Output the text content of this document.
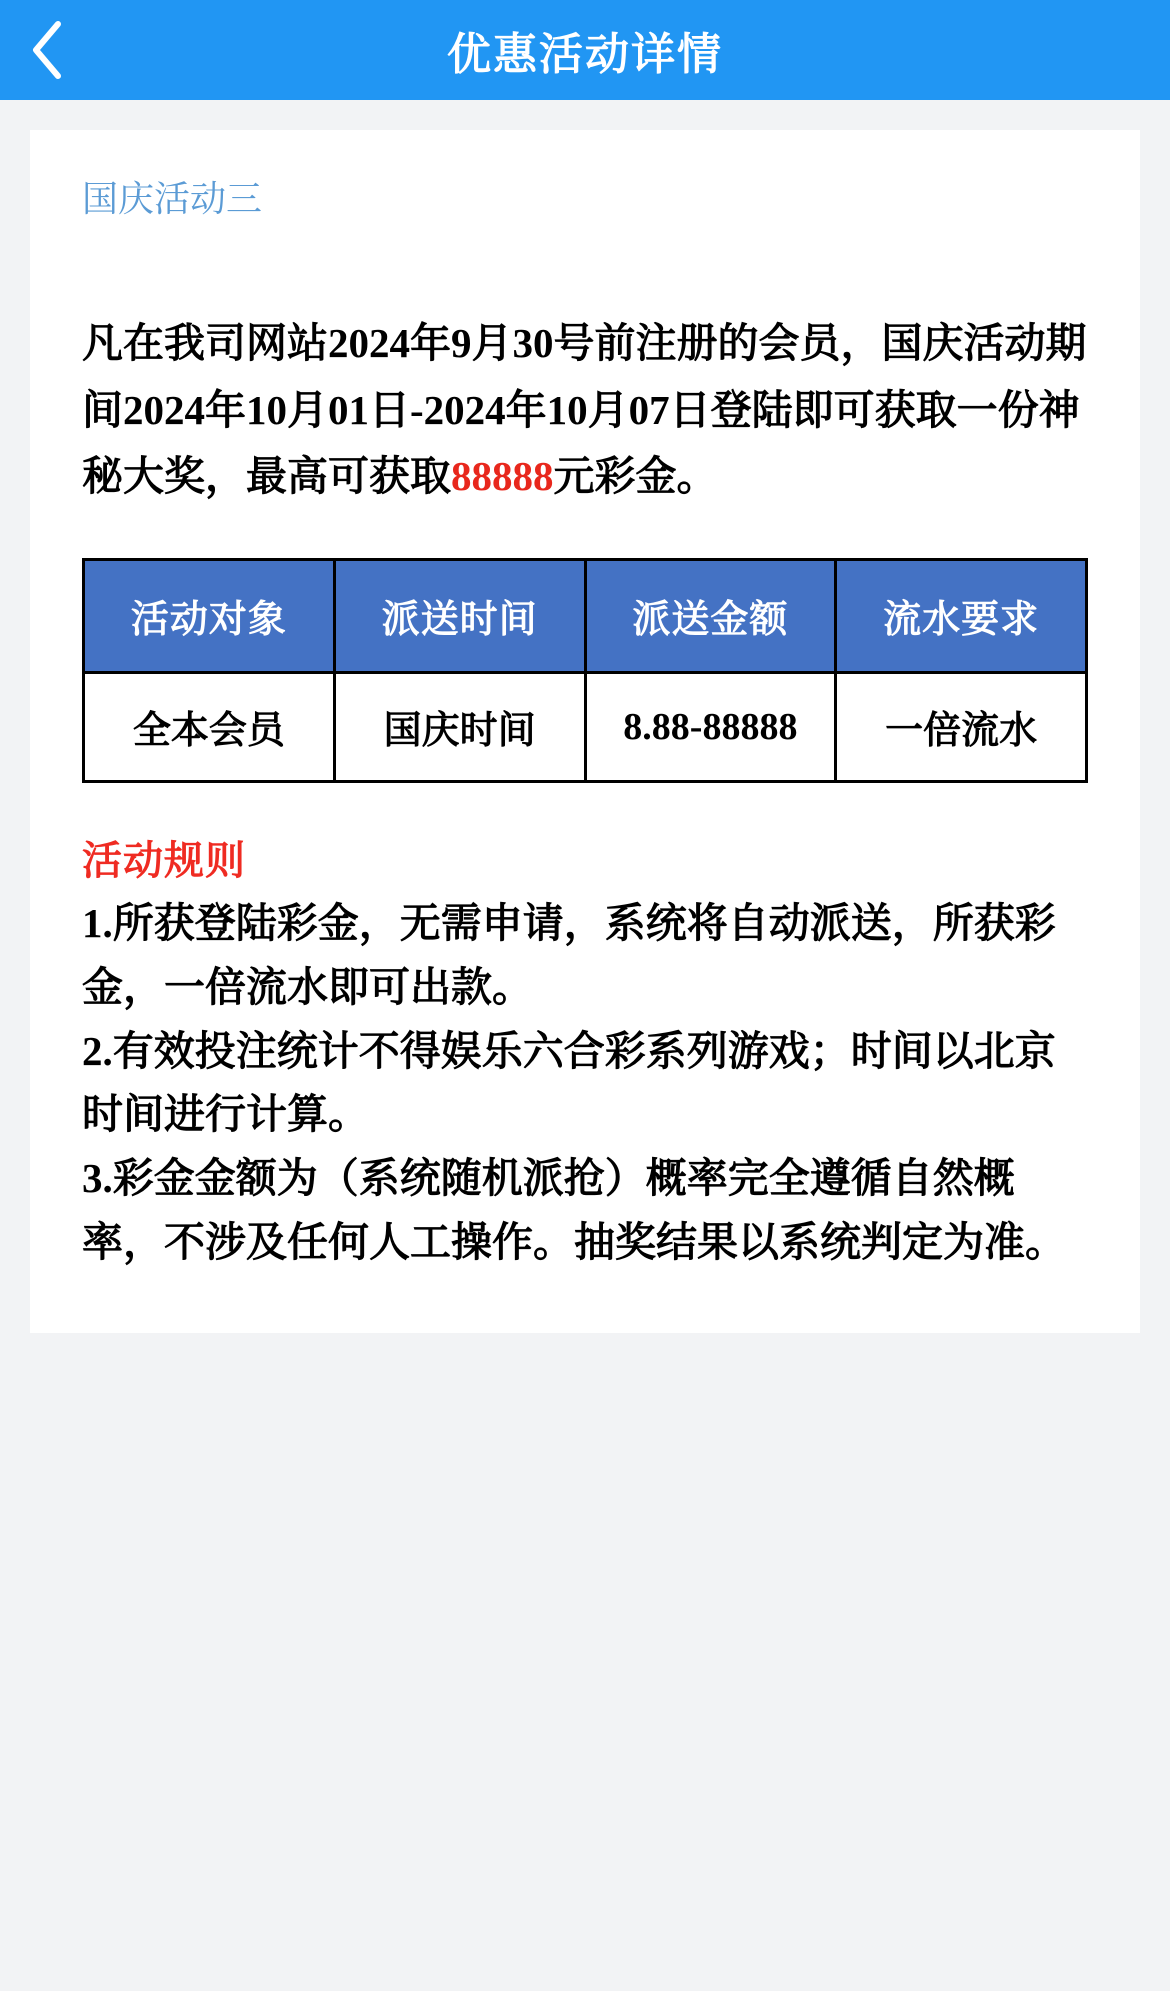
优惠活动详情
国庆活动三
凡在我司网站2024年9月30号前注册的会员，国庆活动期间2024年10月01日-2024年10月07日登陆即可获取一份神秘大奖，最高可获取88888元彩金。
活动对象	派送时间	派送金额	流水要求
全本会员	国庆时间	8.88-88888	一倍流水
活动规则

1.所获登陆彩金，无需申请，系统将自动派送，所获彩金，一倍流水即可出款。

2.有效投注统计不得娱乐六合彩系列游戏；时间以北京时间进行计算。

3.彩金金额为（系统随机派抢）概率完全遵循自然概率，不涉及任何人工操作。抽奖结果以系统判定为准。
